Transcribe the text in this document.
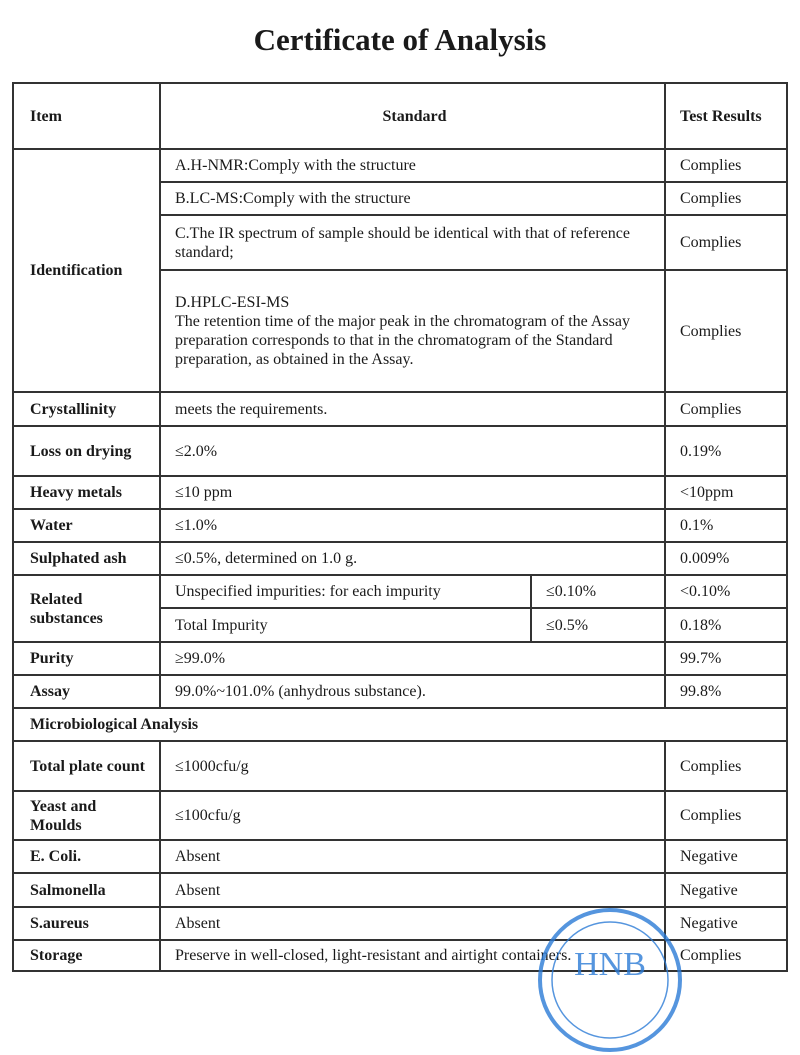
Certificate of Analysis
Item	Standard		Test Results
Identification	A.H-NMR:Comply with the structure		Complies
	B.LC-MS:Comply with the structure		Complies
	C.The IR spectrum of sample should be identical with that of reference standard;		Complies

	D.HPLC-ESI-MS
The retention time of the major peak in the chromatogram of the Assay preparation corresponds to that in the chromatogram of the Standard preparation, as obtained in the Assay.		Complies
Crystallinity	meets the requirements.		Complies
Loss on drying	≤2.0%		0.19%
Heavy metals	≤10 ppm		<10ppm
Water	≤1.0%		0.1%
Sulphated ash	≤0.5%, determined on 1.0 g.		0.009%
Related substances	Unspecified impurities: for each impurity	≤0.10%	<0.10%
	Total Impurity	≤0.5%	0.18%
Purity	≥99.0%		99.7%
Assay	99.0%~101.0% (anhydrous substance).		99.8%
Microbiological Analysis			
Total plate count	≤1000cfu/g		Complies
Yeast and Moulds	≤100cfu/g		Complies
E. Coli.	Absent		Negative
Salmonella	Absent		Negative
S.aureus	Absent		Negative
Storage	Preserve in well-closed, light-resistant and airtight containers.		Complies
HNB
